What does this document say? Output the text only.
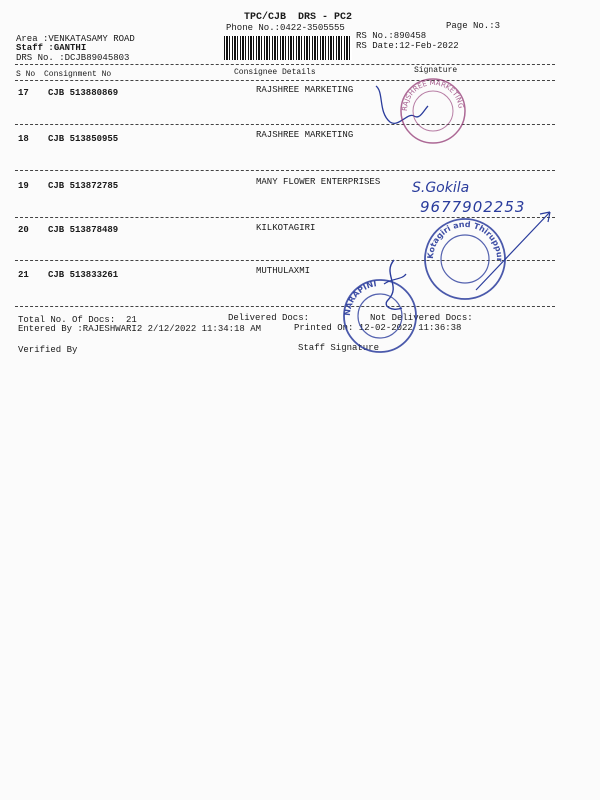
TPC/CJB  DRS - PC2
Phone No.:0422-3505555	Page No.:3
Area :VENKATASAMY ROAD
Staff :GANTHI
DRS No. :DCJB89045803
RS No.:890458
RS Date:12-Feb-2022
S No Consignment No	Consignee Details	Signature
17 CJB 513880869	RAJSHREE MARKETING
18 CJB 513850955	RAJSHREE MARKETING
19 CJB 513872785	MANY FLOWER ENTERPRISES
20 CJB 513878489	KILKOTAGIRI
21 CJB 513833261	MUTHULAXMI
Total No. Of Docs:  21	Delivered Docs:	Not Delivered Docs:
Entered By :RAJESHWARI2 2/12/2022 11:34:18 AM	Printed On: 12-02-2022 11:36:38
Verified By	Staff Signature
S.Gokila
9677902253
RAJSHREE MARKETING
Kotagiri and Thiruppur
NARAPINI
